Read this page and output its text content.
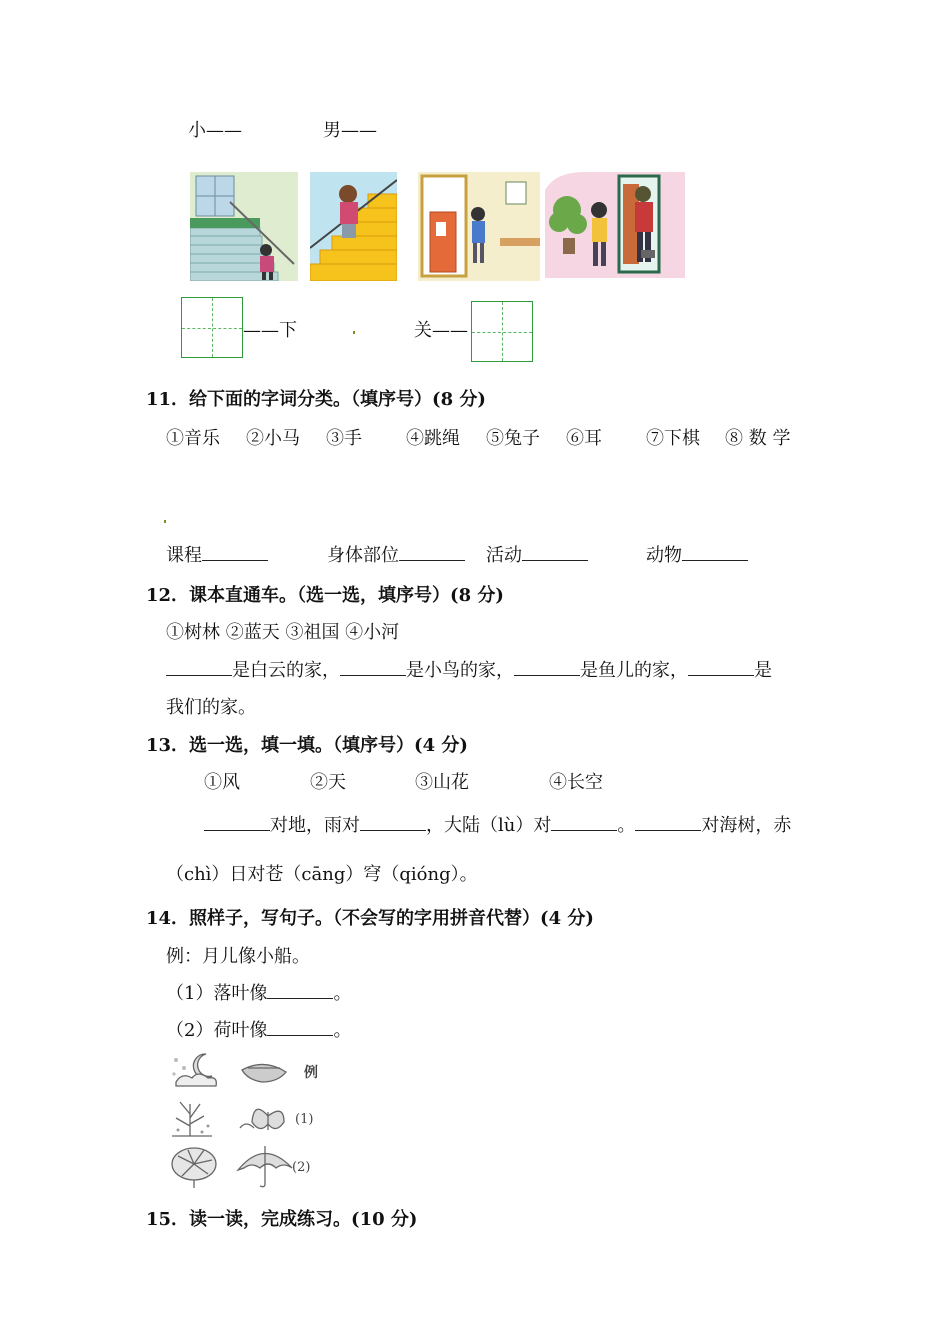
小——	男——
——下	关——
11．给下面的字词分类。（填序号）(8 分)
①音乐 ②小马 ③手 ④跳绳 ⑤兔子 ⑥耳 ⑦下棋 ⑧ 数 学
课程	身体部位	活动	动物
12．课本直通车。（选一选，填序号）(8 分)
①树林 ②蓝天 ③祖国 ④小河
是白云的家，	是小鸟的家，	是鱼儿的家，	是
我们的家。
13．选一选，填一填。（填序号）(4 分)
①风	②天	③山花	④长空
对地，雨对	，大陆（lù）对	。	对海树，赤
（chì）日对苍（cāng）穹（qióng）。
14．照样子，写句子。（不会写的字用拼音代替）(4 分)
例：月儿像小船。
（1）落叶像	。
（2）荷叶像	。
例
(1)
(2)
15．读一读，完成练习。(10 分)
